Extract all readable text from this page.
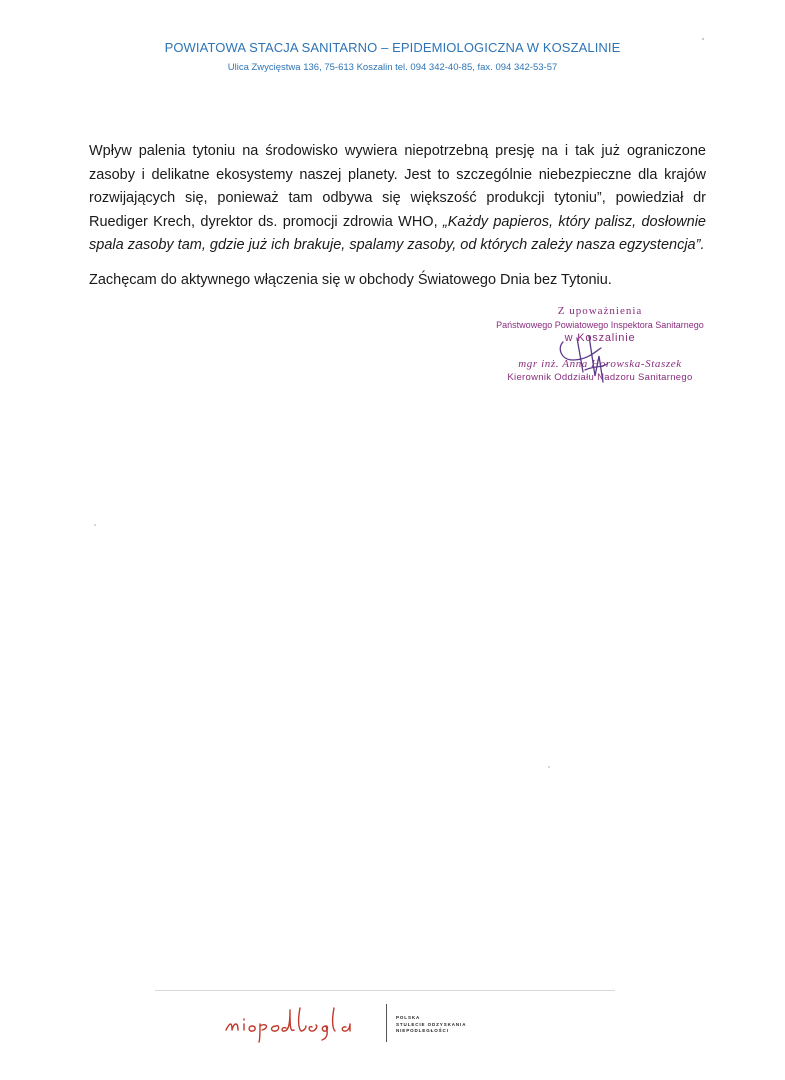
POWIATOWA STACJA SANITARNO – EPIDEMIOLOGICZNA W KOSZALINIE
Ulica Zwycięstwa 136, 75-613 Koszalin tel. 094 342-40-85, fax. 094 342-53-57

Wpływ palenia tytoniu na środowisko wywiera niepotrzebną presję na i tak już ograniczone zasoby i delikatne ekosystemy naszej planety. Jest to szczególnie niebezpieczne dla krajów rozwijających się, ponieważ tam odbywa się większość produkcji tytoniu”, powiedział dr Ruediger Krech, dyrektor ds. promocji zdrowia WHO, „Każdy papieros, który palisz, dosłownie spala zasoby tam, gdzie już ich brakuje, spalamy zasoby, od których zależy nasza egzystencja”.

Zachęcam do aktywnego włączenia się w obchody Światowego Dnia bez Tytoniu.

Z upoważnienia
Państwowego Powiatowego Inspektora Sanitarnego
w Koszalinie
mgr inż. Anna Horowska-Staszek
Kierownik Oddziału Nadzoru Sanitarnego
POLSKA
STULECIE ODZYSKANIA
NIEPODLEGŁOŚCI
